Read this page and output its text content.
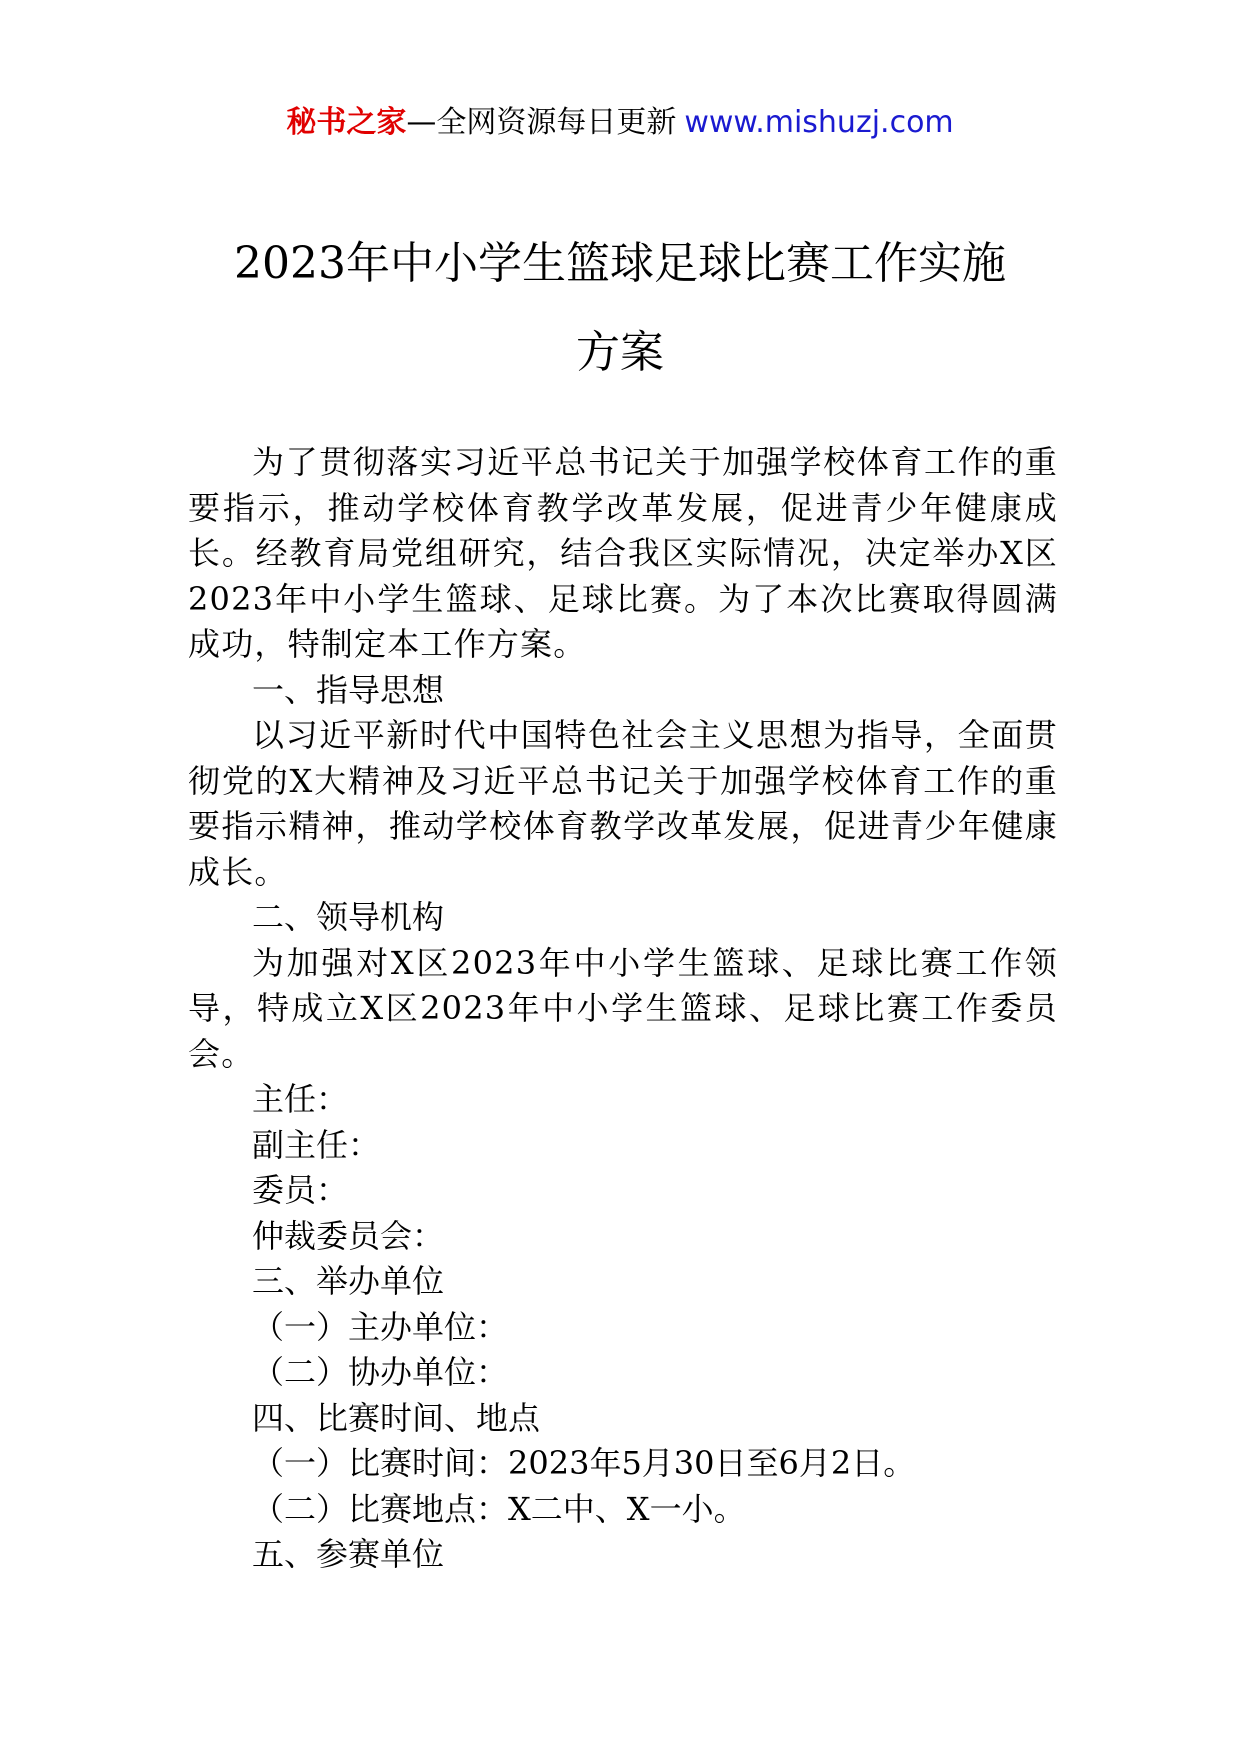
秘书之家—全网资源每日更新 www.mishuzj.com
2023年中小学生篮球足球比赛工作实施
方案

为了贯彻落实习近平总书记关于加强学校体育工作的重要指示，推动学校体育教学改革发展，促进青少年健康成长。经教育局党组研究，结合我区实际情况，决定举办X区2023年中小学生篮球、足球比赛。为了本次比赛取得圆满成功，特制定本工作方案。

一、指导思想

以习近平新时代中国特色社会主义思想为指导，全面贯彻党的X大精神及习近平总书记关于加强学校体育工作的重要指示精神，推动学校体育教学改革发展，促进青少年健康成长。

二、领导机构

为加强对X区2023年中小学生篮球、足球比赛工作领导，特成立X区2023年中小学生篮球、足球比赛工作委员会。

主任：

副主任：

委员：

仲裁委员会：

三、举办单位

（一）主办单位：

（二）协办单位：

四、比赛时间、地点

（一）比赛时间：2023年5月30日至6月2日。

（二）比赛地点：X二中、X一小。

五、参赛单位
